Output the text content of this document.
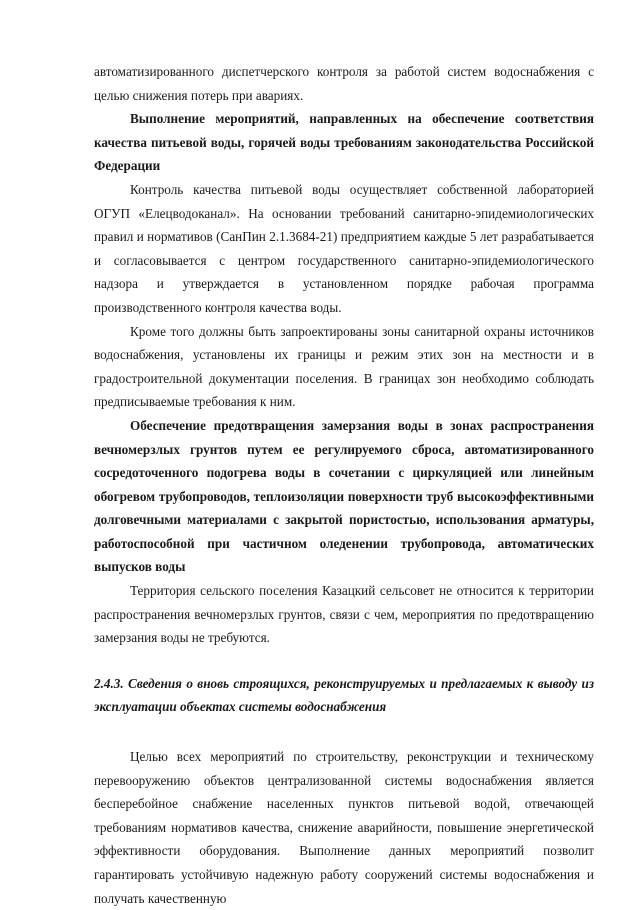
автоматизированного диспетчерского контроля за работой систем водоснабжения с целью снижения потерь при авариях.

Выполнение мероприятий, направленных на обеспечение соответствия качества питьевой воды, горячей воды требованиям законодательства Российской Федерации

Контроль качества питьевой воды осуществляет собственной лабораторией ОГУП «Елецводоканал». На основании требований санитарно-эпидемиологических правил и нормативов (СанПин 2.1.3684-21) предприятием каждые 5 лет разрабатывается и согласовывается с центром государственного санитарно-эпидемиологического надзора и утверждается в установленном порядке рабочая программа производственного контроля качества воды.

Кроме того должны быть запроектированы зоны санитарной охраны источников водоснабжения, установлены их границы и режим этих зон на местности и в градостроительной документации поселения. В границах зон необходимо соблюдать предписываемые требования к ним.

Обеспечение предотвращения замерзания воды в зонах распространения вечномерзлых грунтов путем ее регулируемого сброса, автоматизированного сосредоточенного подогрева воды в сочетании с циркуляцией или линейным обогревом трубопроводов, теплоизоляции поверхности труб высокоэффективными долговечными материалами с закрытой пористостью, использования арматуры, работоспособной при частичном оледенении трубопровода, автоматических выпусков воды

Территория сельского поселения Казацкий сельсовет не относится к территории распространения вечномерзлых грунтов, связи с чем, мероприятия по предотвращению замерзания воды не требуются.

2.4.3. Сведения о вновь строящихся, реконструируемых и предлагаемых к выводу из эксплуатации объектах системы водоснабжения

Целью всех мероприятий по строительству, реконструкции и техническому перевооружению объектов централизованной системы водоснабжения является бесперебойное снабжение населенных пунктов питьевой водой, отвечающей требованиям нормативов качества, снижение аварийности, повышение энергетической эффективности оборудования. Выполнение данных мероприятий позволит гарантировать устойчивую надежную работу сооружений системы водоснабжения и получать качественную
